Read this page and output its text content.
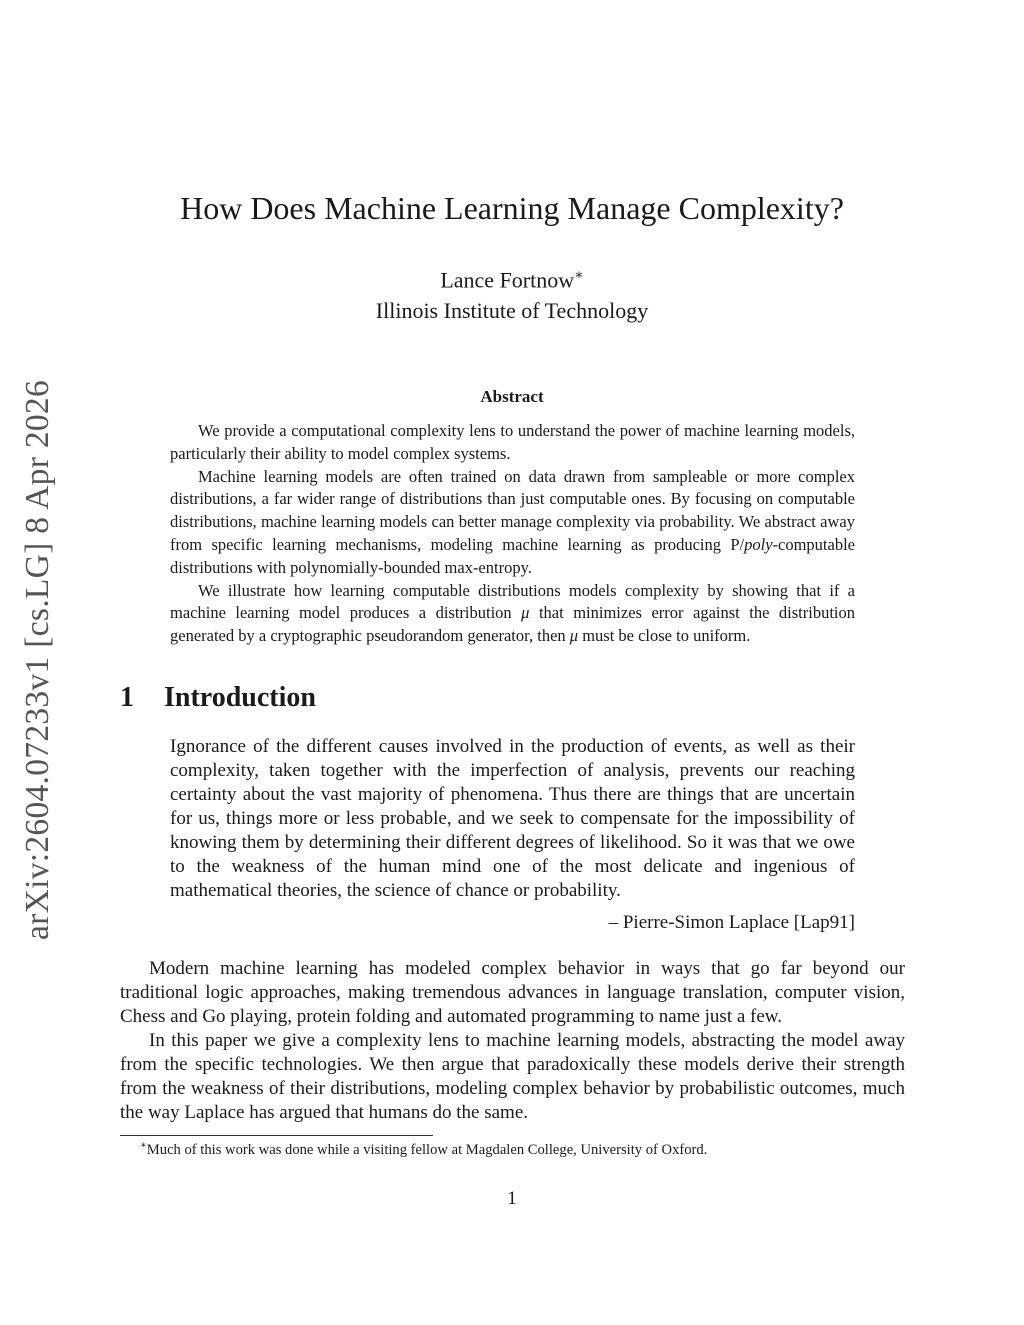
arXiv:2604.07233v1 [cs.LG] 8 Apr 2026
How Does Machine Learning Manage Complexity?
Lance Fortnow∗
Illinois Institute of Technology
Abstract

We provide a computational complexity lens to understand the power of machine learning models, particularly their ability to model complex systems.

Machine learning models are often trained on data drawn from sampleable or more complex distributions, a far wider range of distributions than just computable ones. By focusing on computable distributions, machine learning models can better manage complexity via probability. We abstract away from specific learning mechanisms, modeling machine learning as producing P/poly-computable distributions with polynomially-bounded max-entropy.

We illustrate how learning computable distributions models complexity by showing that if a machine learning model produces a distribution μ that minimizes error against the distribution generated by a cryptographic pseudorandom generator, then μ must be close to uniform.

1 Introduction

Ignorance of the different causes involved in the production of events, as well as their complexity, taken together with the imperfection of analysis, prevents our reaching certainty about the vast majority of phenomena. Thus there are things that are uncertain for us, things more or less probable, and we seek to compensate for the impossibility of knowing them by determining their different degrees of likelihood. So it was that we owe to the weakness of the human mind one of the most delicate and ingenious of mathematical theories, the science of chance or probability.

– Pierre-Simon Laplace [Lap91]

Modern machine learning has modeled complex behavior in ways that go far beyond our traditional logic approaches, making tremendous advances in language translation, computer vision, Chess and Go playing, protein folding and automated programming to name just a few.

In this paper we give a complexity lens to machine learning models, abstracting the model away from the specific technologies. We then argue that paradoxically these models derive their strength from the weakness of their distributions, modeling complex behavior by probabilistic outcomes, much the way Laplace has argued that humans do the same.

∗Much of this work was done while a visiting fellow at Magdalen College, University of Oxford.
1
